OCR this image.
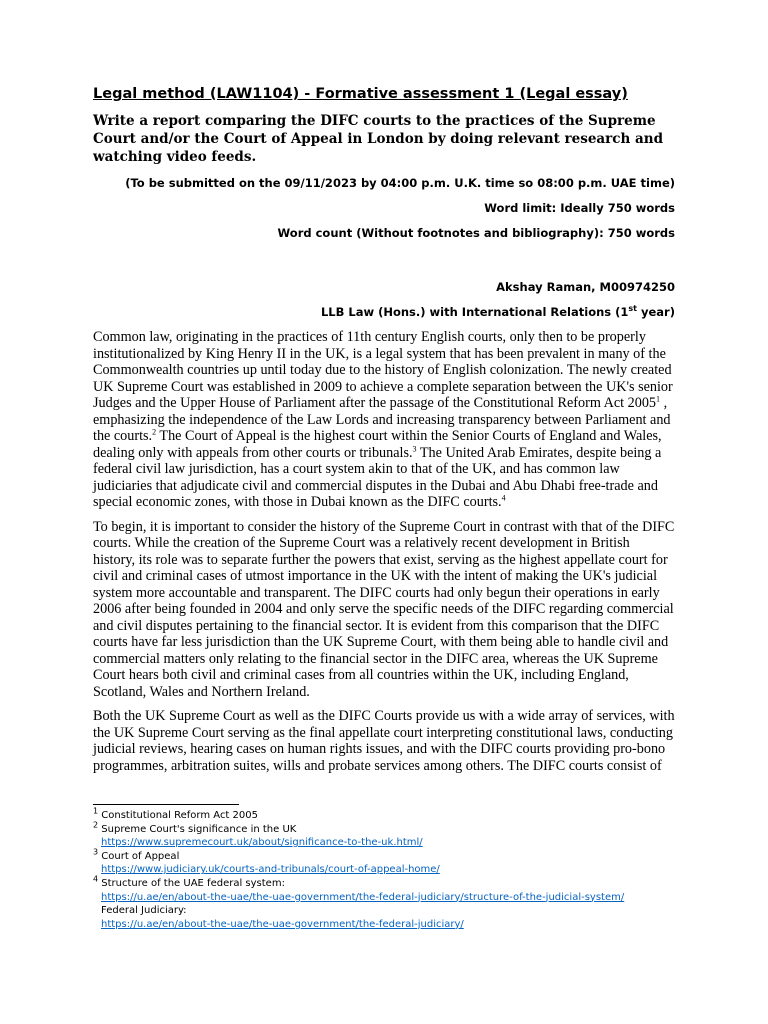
Legal method (LAW1104) - Formative assessment 1 (Legal essay)

Write a report comparing the DIFC courts to the practices of the Supreme Court and/or the Court of Appeal in London by doing relevant research and watching video feeds.

(To be submitted on the 09/11/2023 by 04:00 p.m. U.K. time so 08:00 p.m. UAE time)

Word limit: Ideally 750 words

Word count (Without footnotes and bibliography): 750 words

Akshay Raman, M00974250

LLB Law (Hons.) with International Relations (1st year)

Common law, originating in the practices of 11th century English courts, only then to be properly institutionalized by King Henry II in the UK, is a legal system that has been prevalent in many of the Commonwealth countries up until today due to the history of English colonization. The newly created UK Supreme Court was established in 2009 to achieve a complete separation between the UK's senior Judges and the Upper House of Parliament after the passage of the Constitutional Reform Act 2005$^1$ , emphasizing the independence of the Law Lords and increasing transparency between Parliament and the courts.$^2$ The Court of Appeal is the highest court within the Senior Courts of England and Wales, dealing only with appeals from other courts or tribunals.$^3$ The United Arab Emirates, despite being a federal civil law jurisdiction, has a court system akin to that of the UK, and has common law judiciaries that adjudicate civil and commercial disputes in the Dubai and Abu Dhabi free-trade and special economic zones, with those in Dubai known as the DIFC courts.$^4$

To begin, it is important to consider the history of the Supreme Court in contrast with that of the DIFC courts. While the creation of the Supreme Court was a relatively recent development in British history, its role was to separate further the powers that exist, serving as the highest appellate court for civil and criminal cases of utmost importance in the UK with the intent of making the UK's judicial system more accountable and transparent. The DIFC courts had only begun their operations in early 2006 after being founded in 2004 and only serve the specific needs of the DIFC regarding commercial and civil disputes pertaining to the financial sector. It is evident from this comparison that the DIFC courts have far less jurisdiction than the UK Supreme Court, with them being able to handle civil and commercial matters only relating to the financial sector in the DIFC area, whereas the UK Supreme Court hears both civil and criminal cases from all countries within the UK, including England, Scotland, Wales and Northern Ireland.

Both the UK Supreme Court as well as the DIFC Courts provide us with a wide array of services, with the UK Supreme Court serving as the final appellate court interpreting constitutional laws, conducting judicial reviews, hearing cases on human rights issues, and with the DIFC courts providing pro-bono programmes, arbitration suites, wills and probate services among others. The DIFC courts consist of

$^1$ Constitutional Reform Act 2005

$^2$ Supreme Court's significance in the UK

https://www.supremecourt.uk/about/significance-to-the-uk.html/

$^3$ Court of Appeal

https://www.judiciary.uk/courts-and-tribunals/court-of-appeal-home/

$^4$ Structure of the UAE federal system:

https://u.ae/en/about-the-uae/the-uae-government/the-federal-judiciary/structure-of-the-judicial-system/

Federal Judiciary:

https://u.ae/en/about-the-uae/the-uae-government/the-federal-judiciary/
